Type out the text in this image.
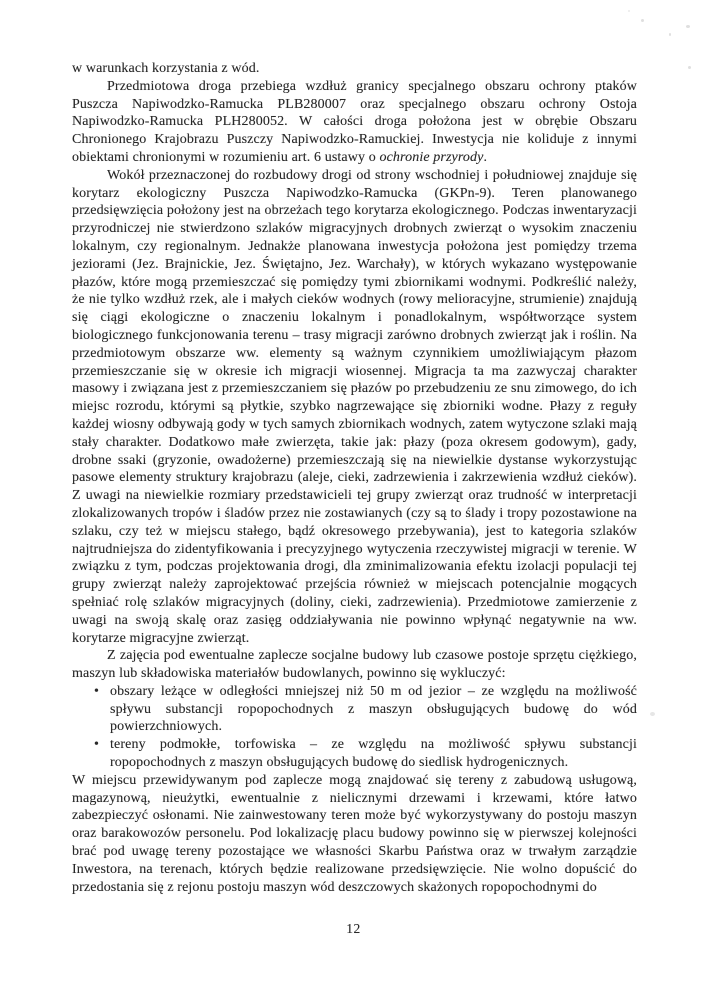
w warunkach korzystania z wód.

Przedmiotowa droga przebiega wzdłuż granicy specjalnego obszaru ochrony ptaków Puszcza Napiwodzko-Ramucka PLB280007 oraz specjalnego obszaru ochrony Ostoja Napiwodzko-Ramucka PLH280052. W całości droga położona jest w obrębie Obszaru Chronionego Krajobrazu Puszczy Napiwodzko-Ramuckiej. Inwestycja nie koliduje z innymi obiektami chronionymi w rozumieniu art. 6 ustawy o ochronie przyrody.

Wokół przeznaczonej do rozbudowy drogi od strony wschodniej i południowej znajduje się korytarz ekologiczny Puszcza Napiwodzko-Ramucka (GKPn-9). Teren planowanego przedsięwzięcia położony jest na obrzeżach tego korytarza ekologicznego. Podczas inwentaryzacji przyrodniczej nie stwierdzono szlaków migracyjnych drobnych zwierząt o wysokim znaczeniu lokalnym, czy regionalnym. Jednakże planowana inwestycja położona jest pomiędzy trzema jeziorami (Jez. Brajnickie, Jez. Świętajno, Jez. Warchały), w których wykazano występowanie płazów, które mogą przemieszczać się pomiędzy tymi zbiornikami wodnymi. Podkreślić należy, że nie tylko wzdłuż rzek, ale i małych cieków wodnych (rowy melioracyjne, strumienie) znajdują się ciągi ekologiczne o znaczeniu lokalnym i ponadlokalnym, współtworzące system biologicznego funkcjonowania terenu – trasy migracji zarówno drobnych zwierząt jak i roślin. Na przedmiotowym obszarze ww. elementy są ważnym czynnikiem umożliwiającym płazom przemieszczanie się w okresie ich migracji wiosennej. Migracja ta ma zazwyczaj charakter masowy i związana jest z przemieszczaniem się płazów po przebudzeniu ze snu zimowego, do ich miejsc rozrodu, którymi są płytkie, szybko nagrzewające się zbiorniki wodne. Płazy z reguły każdej wiosny odbywają gody w tych samych zbiornikach wodnych, zatem wytyczone szlaki mają stały charakter. Dodatkowo małe zwierzęta, takie jak: płazy (poza okresem godowym), gady, drobne ssaki (gryzonie, owadożerne) przemieszczają się na niewielkie dystanse wykorzystując pasowe elementy struktury krajobrazu (aleje, cieki, zadrzewienia i zakrzewienia wzdłuż cieków). Z uwagi na niewielkie rozmiary przedstawicieli tej grupy zwierząt oraz trudność w interpretacji zlokalizowanych tropów i śladów przez nie zostawianych (czy są to ślady i tropy pozostawione na szlaku, czy też w miejscu stałego, bądź okresowego przebywania), jest to kategoria szlaków najtrudniejsza do zidentyfikowania i precyzyjnego wytyczenia rzeczywistej migracji w terenie. W związku z tym, podczas projektowania drogi, dla zminimalizowania efektu izolacji populacji tej grupy zwierząt należy zaprojektować przejścia również w miejscach potencjalnie mogących spełniać rolę szlaków migracyjnych (doliny, cieki, zadrzewienia). Przedmiotowe zamierzenie z uwagi na swoją skalę oraz zasięg oddziaływania nie powinno wpłynąć negatywnie na ww. korytarze migracyjne zwierząt.

Z zajęcia pod ewentualne zaplecze socjalne budowy lub czasowe postoje sprzętu ciężkiego, maszyn lub składowiska materiałów budowlanych, powinno się wykluczyć:

• obszary leżące w odległości mniejszej niż 50 m od jezior – ze względu na możliwość spływu substancji ropopochodnych z maszyn obsługujących budowę do wód powierzchniowych.
• tereny podmokłe, torfowiska – ze względu na możliwość spływu substancji ropopochodnych z maszyn obsługujących budowę do siedlisk hydrogenicznych.

W miejscu przewidywanym pod zaplecze mogą znajdować się tereny z zabudową usługową, magazynową, nieużytki, ewentualnie z nielicznymi drzewami i krzewami, które łatwo zabezpieczyć osłonami. Nie zainwestowany teren może być wykorzystywany do postoju maszyn oraz barakowozów personelu. Pod lokalizację placu budowy powinno się w pierwszej kolejności brać pod uwagę tereny pozostające we własności Skarbu Państwa oraz w trwałym zarządzie Inwestora, na terenach, których będzie realizowane przedsięwzięcie. Nie wolno dopuścić do przedostania się z rejonu postoju maszyn wód deszczowych skażonych ropopochodnymi do

12
